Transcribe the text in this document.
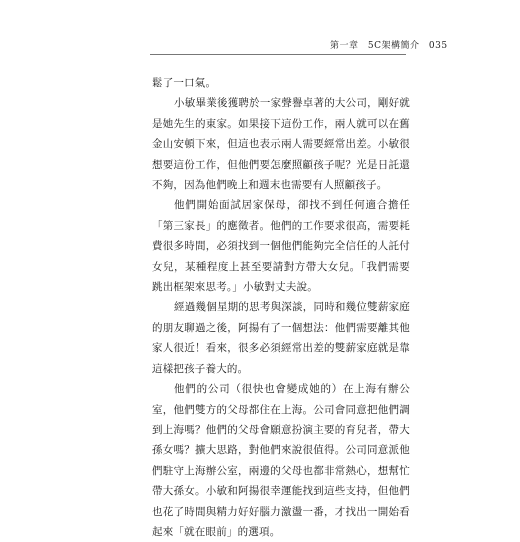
第一章 5C架構簡介 035

鬆了一口氣。

小敏畢業後獲聘於一家聲譽卓著的大公司，剛好就是她先生的東家。如果接下這份工作，兩人就可以在舊金山安頓下來，但這也表示兩人需要經常出差。小敏很想要這份工作，但他們要怎麼照顧孩子呢？光是日託還不夠，因為他們晚上和週末也需要有人照顧孩子。

他們開始面試居家保母，卻找不到任何適合擔任「第三家長」的應徵者。他們的工作要求很高，需要耗費很多時間，必須找到一個他們能夠完全信任的人託付女兒，某種程度上甚至要請對方帶大女兒。「我們需要跳出框架來思考。」小敏對丈夫說。

經過幾個星期的思考與深談，同時和幾位雙薪家庭的朋友聊過之後，阿揚有了一個想法：他們需要離其他家人很近！看來，很多必須經常出差的雙薪家庭就是靠這樣把孩子養大的。

他們的公司（很快也會變成她的）在上海有辦公室，他們雙方的父母都住在上海。公司會同意把他們調到上海嗎？他們的父母會願意扮演主要的育兒者，帶大孫女嗎？擴大思路，對他們來說很值得。公司同意派他們駐守上海辦公室，兩邊的父母也都非常熱心，想幫忙帶大孫女。小敏和阿揚很幸運能找到這些支持，但他們也花了時間與精力好好腦力激盪一番，才找出一開始看起來「就在眼前」的選項。
